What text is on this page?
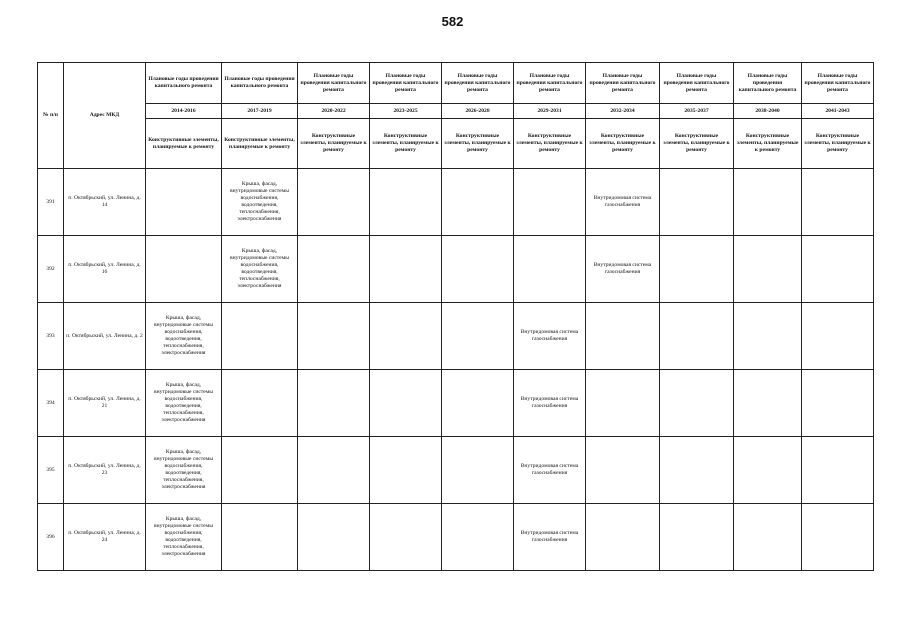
582
№ п/п	Адрес МКД	Плановые годы проведения капитального ремонта	Плановые годы проведения капитального ремонта	Плановые годы проведения капитального ремонта	Плановые годы проведения капитального ремонта	Плановые годы проведения капитального ремонта	Плановые годы проведения капитального ремонта	Плановые годы проведения капитального ремонта	Плановые годы проведения капитального ремонта	Плановые годы проведения капитального ремонта	Плановые годы проведения капитального ремонта
		2014-2016	2017-2019	2020-2022	2023-2025	2026-2028	2029-2031	2032-2034	2035-2037	2038-2040	2041-2043
		Конструктивные элементы, планируемые к ремонту	Конструктивные элементы, планируемые к ремонту	Конструктивные элементы, планируемые к ремонту	Конструктивные элементы, планируемые к ремонту	Конструктивные элементы, планируемые к ремонту	Конструктивные элементы, планируемые к ремонту	Конструктивные элементы, планируемые к ремонту	Конструктивные элементы, планируемые к ремонту	Конструктивные элементы, планируемые к ремонту	Конструктивные элементы, планируемые к ремонту
391	п. Октябрьский, ул. Ленина, д. 14		Крыша, фасад, внутридомовые системы водоснабжения, водоотведения, теплоснабжения, электроснабжения					Внутридомовая система газоснабжения			
392	п. Октябрьский, ул. Ленина, д. 16		Крыша, фасад, внутридомовые системы водоснабжения, водоотведения, теплоснабжения, электроснабжения					Внутридомовая система газоснабжения			
393	п. Октябрьский, ул. Ленина, д. 2	Крыша, фасад, внутридомовые системы водоснабжения, водоотведения, теплоснабжения, электроснабжения					Внутридомовая система газоснабжения				
394	п. Октябрьский, ул. Ленина, д. 21	Крыша, фасад, внутридомовые системы водоснабжения, водоотведения, теплоснабжения, электроснабжения					Внутридомовая система газоснабжения				
395	п. Октябрьский, ул. Ленина, д. 23	Крыша, фасад, внутридомовые системы водоснабжения, водоотведения, теплоснабжения, электроснабжения					Внутридомовая система газоснабжения				
396	п. Октябрьский, ул. Ленина, д. 24	Крыша, фасад, внутридомовые системы водоснабжения, водоотведения, теплоснабжения, электроснабжения					Внутридомовая система газоснабжения				
